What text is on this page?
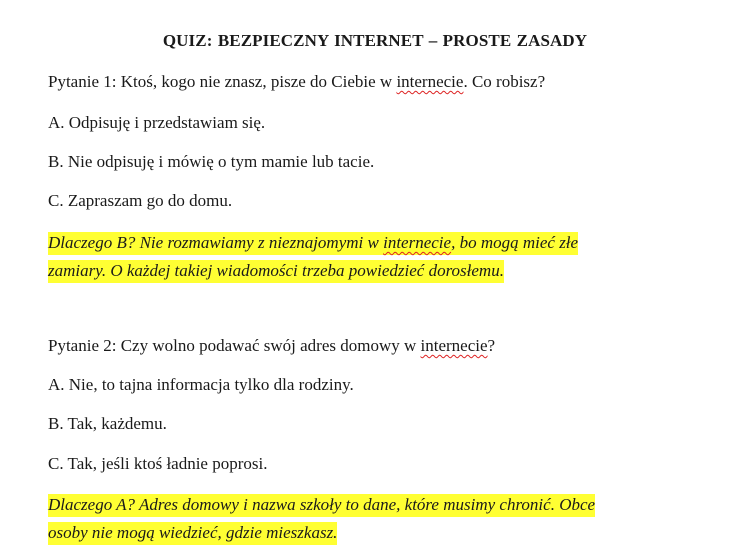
QUIZ: BEZPIECZNY INTERNET – PROSTE ZASADY
Pytanie 1: Ktoś, kogo nie znasz, pisze do Ciebie w internecie. Co robisz?
A. Odpisuję i przedstawiam się.
B. Nie odpisuję i mówię o tym mamie lub tacie.
C. Zapraszam go do domu.
Dlaczego B? Nie rozmawiamy z nieznajomymi w internecie, bo mogą mieć złe
zamiary. O każdej takiej wiadomości trzeba powiedzieć dorosłemu.
Pytanie 2: Czy wolno podawać swój adres domowy w internecie?
A. Nie, to tajna informacja tylko dla rodziny.
B. Tak, każdemu.
C. Tak, jeśli ktoś ładnie poprosi.
Dlaczego A? Adres domowy i nazwa szkoły to dane, które musimy chronić. Obce
osoby nie mogą wiedzieć, gdzie mieszkasz.
